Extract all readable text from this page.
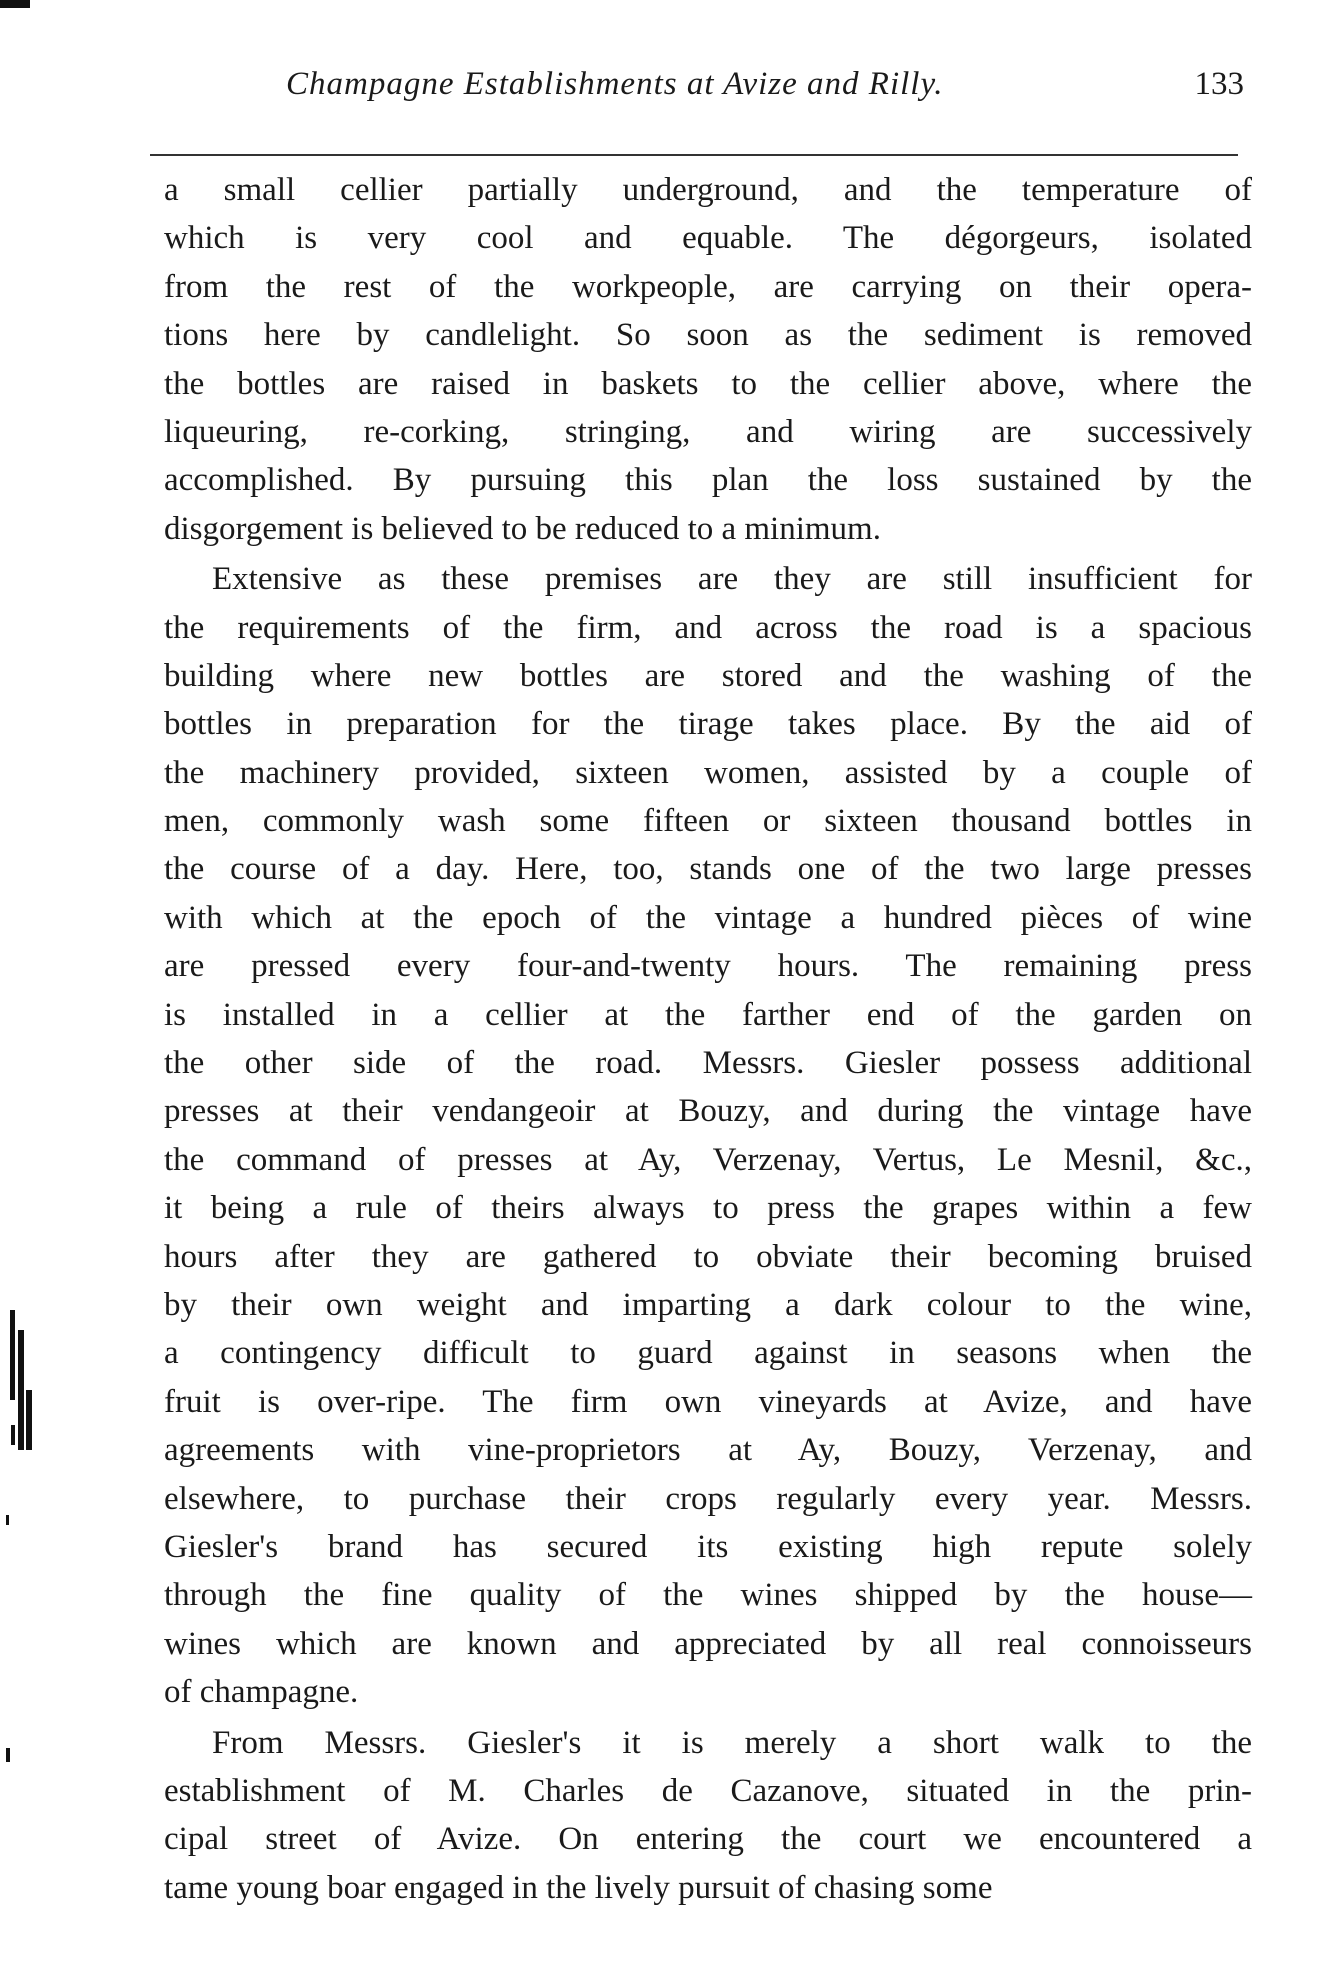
Champagne Establishments at Avize and Rilly.	133
a small cellier partially underground, and the temperature of
which is very cool and equable. The dégorgeurs, isolated
from the rest of the workpeople, are carrying on their opera-
tions here by candlelight. So soon as the sediment is removed
the bottles are raised in baskets to the cellier above, where the
liqueuring, re-corking, stringing, and wiring are successively
accomplished. By pursuing this plan the loss sustained by the
disgorgement is believed to be reduced to a minimum.
Extensive as these premises are they are still insufficient for
the requirements of the firm, and across the road is a spacious
building where new bottles are stored and the washing of the
bottles in preparation for the tirage takes place. By the aid of
the machinery provided, sixteen women, assisted by a couple of
men, commonly wash some fifteen or sixteen thousand bottles in
the course of a day. Here, too, stands one of the two large presses
with which at the epoch of the vintage a hundred pièces of wine
are pressed every four-and-twenty hours. The remaining press
is installed in a cellier at the farther end of the garden on
the other side of the road. Messrs. Giesler possess additional
presses at their vendangeoir at Bouzy, and during the vintage have
the command of presses at Ay, Verzenay, Vertus, Le Mesnil, &c.,
it being a rule of theirs always to press the grapes within a few
hours after they are gathered to obviate their becoming bruised
by their own weight and imparting a dark colour to the wine,
a contingency difficult to guard against in seasons when the
fruit is over-ripe. The firm own vineyards at Avize, and have
agreements with vine-proprietors at Ay, Bouzy, Verzenay, and
elsewhere, to purchase their crops regularly every year. Messrs.
Giesler's brand has secured its existing high repute solely
through the fine quality of the wines shipped by the house—
wines which are known and appreciated by all real connoisseurs
of champagne.
From Messrs. Giesler's it is merely a short walk to the
establishment of M. Charles de Cazanove, situated in the prin-
cipal street of Avize. On entering the court we encountered a
tame young boar engaged in the lively pursuit of chasing some
